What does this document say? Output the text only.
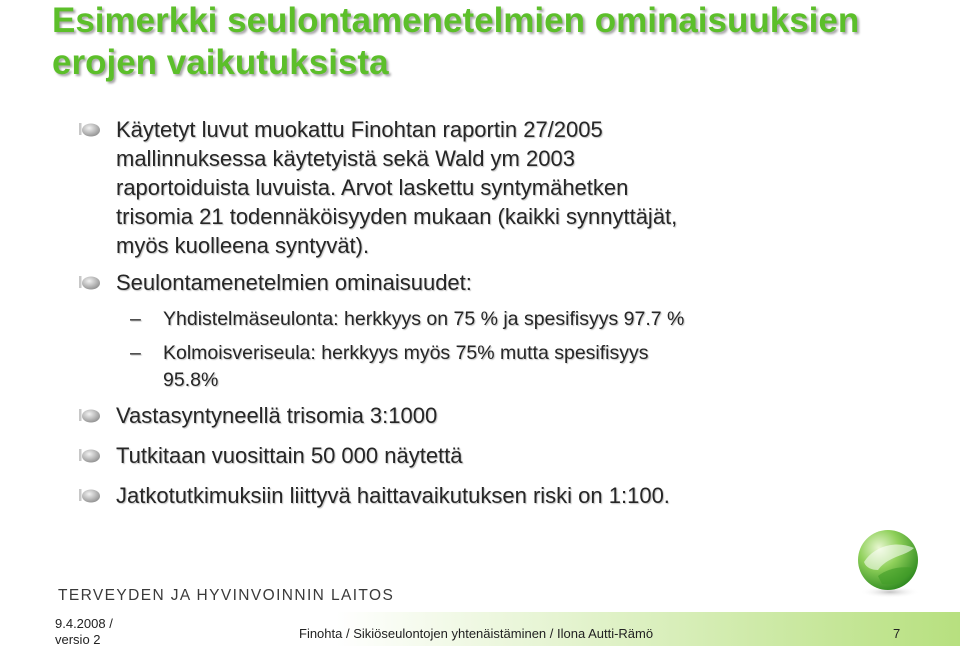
Esimerkki seulontamenetelmien ominaisuuksien erojen vaikutuksista
Käytetyt luvut muokattu Finohtan raportin 27/2005
mallinnuksessa käytetyistä sekä Wald ym 2003
raportoiduista luvuista. Arvot laskettu syntymähetken
trisomia 21 todennäköisyyden mukaan (kaikki synnyttäjät,
myös kuolleena syntyvät).
Seulontamenetelmien ominaisuudet:
– Yhdistelmäseulonta: herkkyys on 75 % ja spesifisyys 97.7 %
– Kolmoisveriseula: herkkyys myös 75% mutta spesifisyys
95.8%
Vastasyntyneellä trisomia 3:1000
Tutkitaan vuosittain 50 000 näytettä
Jatkotutkimuksiin liittyvä haittavaikutuksen riski on 1:100.
TERVEYDEN JA HYVINVOINNIN LAITOS
9.4.2008 /
versio 2	Finohta / Sikiöseulontojen yhtenäistäminen / Ilona Autti-Rämö	7
